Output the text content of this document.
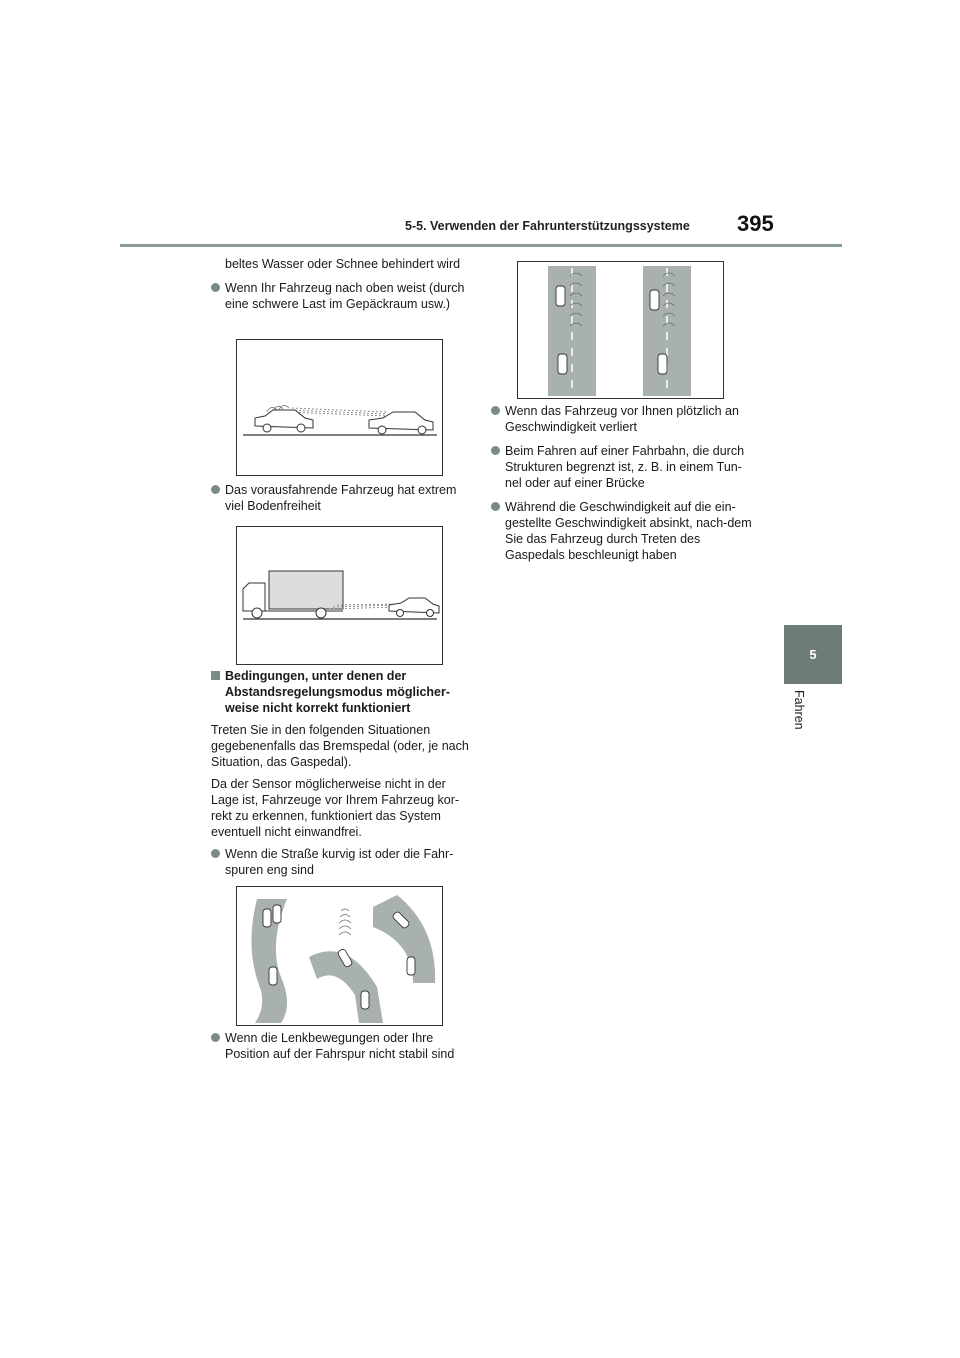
5-5. Verwenden der Fahrunterstützungssysteme 395
5
Fahren

beltes Wasser oder Schnee behindert wird

Wenn Ihr Fahrzeug nach oben weist (durch eine schwere Last im Gepäckraum usw.)

Das vorausfahrende Fahrzeug hat extrem viel Bodenfreiheit

Bedingungen, unter denen der Abstandsregelungsmodus möglicher-weise nicht korrekt funktioniert

Treten Sie in den folgenden Situationen gegebenenfalls das Bremspedal (oder, je nach Situation, das Gaspedal).

Da der Sensor möglicherweise nicht in der Lage ist, Fahrzeuge vor Ihrem Fahrzeug kor-rekt zu erkennen, funktioniert das System eventuell nicht einwandfrei.

Wenn die Straße kurvig ist oder die Fahr-spuren eng sind

Wenn die Lenkbewegungen oder Ihre Position auf der Fahrspur nicht stabil sind

Wenn das Fahrzeug vor Ihnen plötzlich an Geschwindigkeit verliert

Beim Fahren auf einer Fahrbahn, die durch Strukturen begrenzt ist, z. B. in einem Tun-nel oder auf einer Brücke

Während die Geschwindigkeit auf die ein-gestellte Geschwindigkeit absinkt, nach-dem Sie das Fahrzeug durch Treten des Gaspedals beschleunigt haben
